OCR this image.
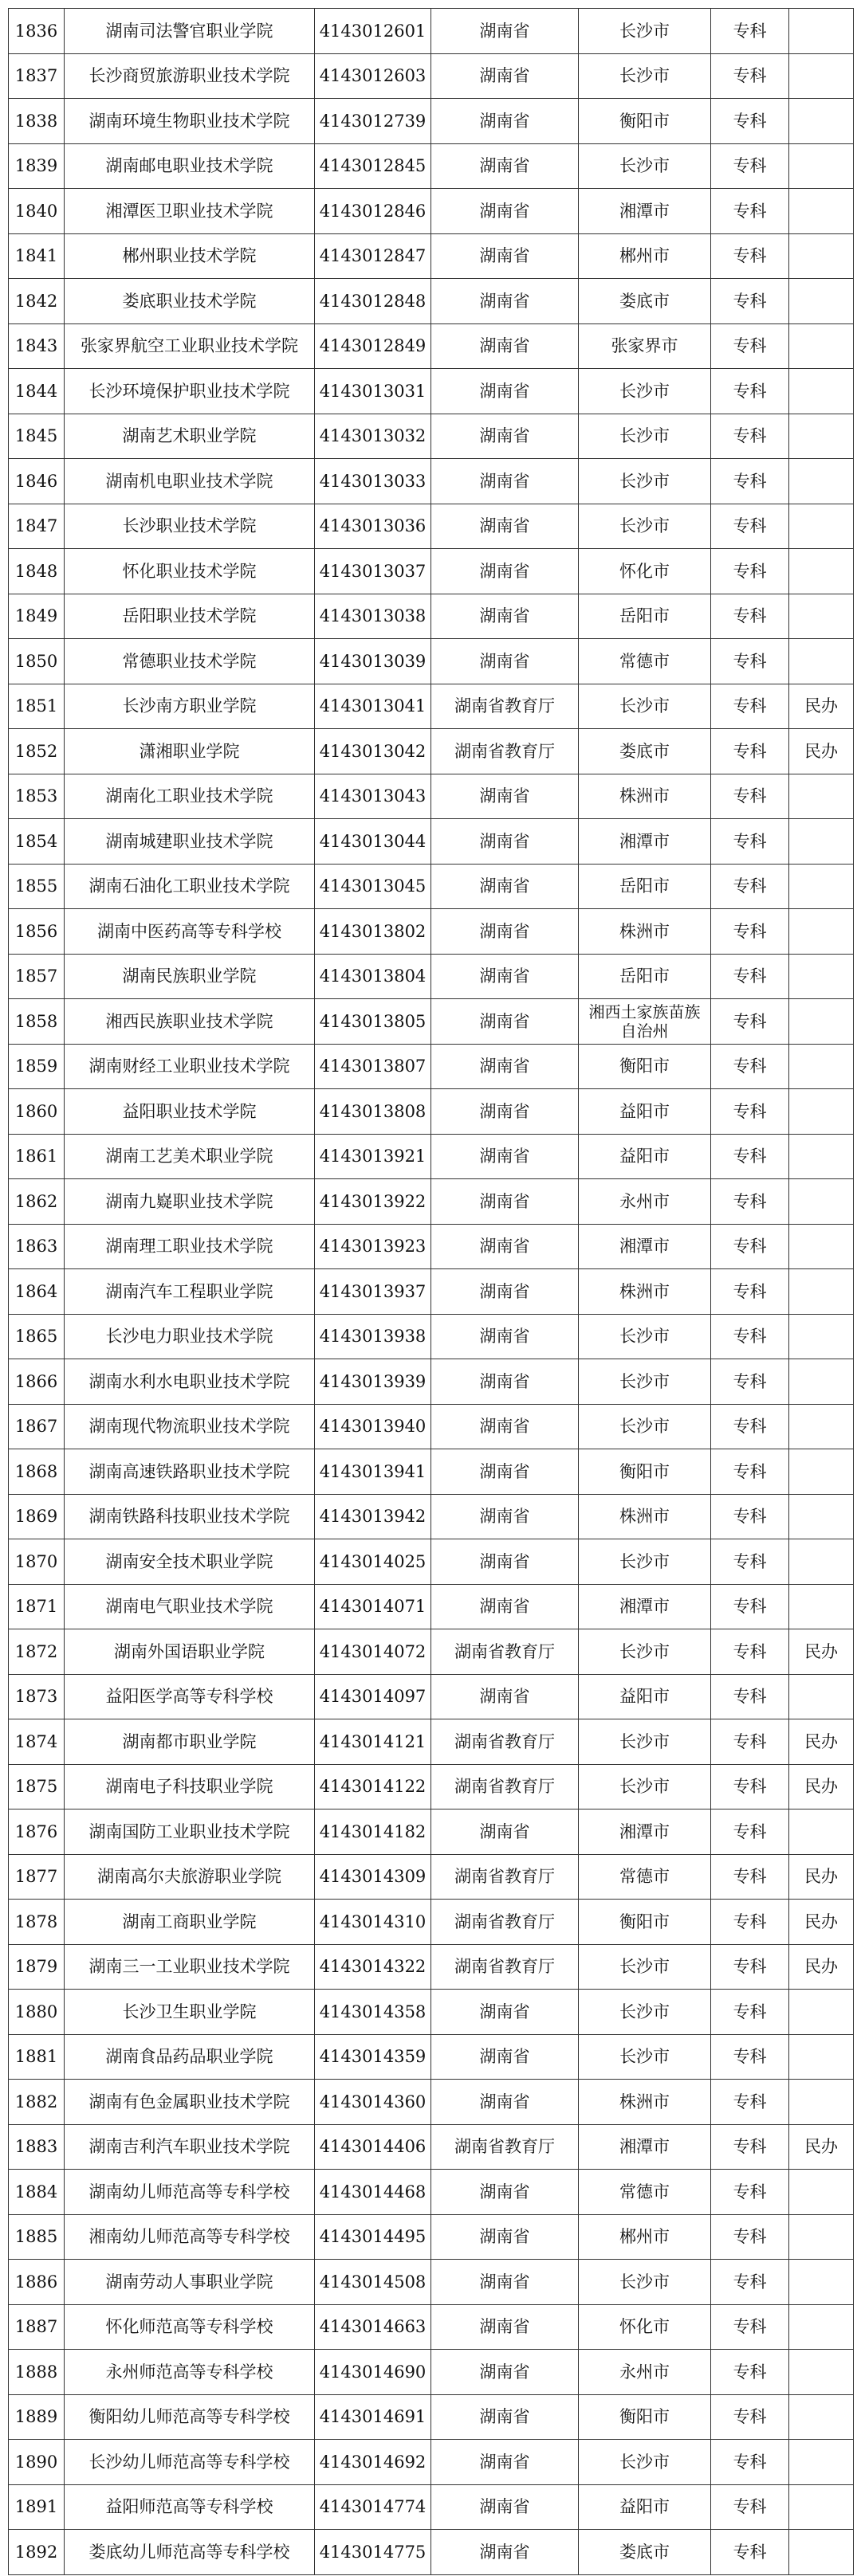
1836	湖南司法警官职业学院	4143012601	湖南省	长沙市	专科	
1837	长沙商贸旅游职业技术学院	4143012603	湖南省	长沙市	专科	
1838	湖南环境生物职业技术学院	4143012739	湖南省	衡阳市	专科	
1839	湖南邮电职业技术学院	4143012845	湖南省	长沙市	专科	
1840	湘潭医卫职业技术学院	4143012846	湖南省	湘潭市	专科	
1841	郴州职业技术学院	4143012847	湖南省	郴州市	专科	
1842	娄底职业技术学院	4143012848	湖南省	娄底市	专科	
1843	张家界航空工业职业技术学院	4143012849	湖南省	张家界市	专科	
1844	长沙环境保护职业技术学院	4143013031	湖南省	长沙市	专科	
1845	湖南艺术职业学院	4143013032	湖南省	长沙市	专科	
1846	湖南机电职业技术学院	4143013033	湖南省	长沙市	专科	
1847	长沙职业技术学院	4143013036	湖南省	长沙市	专科	
1848	怀化职业技术学院	4143013037	湖南省	怀化市	专科	
1849	岳阳职业技术学院	4143013038	湖南省	岳阳市	专科	
1850	常德职业技术学院	4143013039	湖南省	常德市	专科	
1851	长沙南方职业学院	4143013041	湖南省教育厅	长沙市	专科	民办
1852	潇湘职业学院	4143013042	湖南省教育厅	娄底市	专科	民办
1853	湖南化工职业技术学院	4143013043	湖南省	株洲市	专科	
1854	湖南城建职业技术学院	4143013044	湖南省	湘潭市	专科	
1855	湖南石油化工职业技术学院	4143013045	湖南省	岳阳市	专科	
1856	湖南中医药高等专科学校	4143013802	湖南省	株洲市	专科	
1857	湖南民族职业学院	4143013804	湖南省	岳阳市	专科	
1858	湘西民族职业技术学院	4143013805	湖南省	湘西土家族苗族自治州	专科	
1859	湖南财经工业职业技术学院	4143013807	湖南省	衡阳市	专科	
1860	益阳职业技术学院	4143013808	湖南省	益阳市	专科	
1861	湖南工艺美术职业学院	4143013921	湖南省	益阳市	专科	
1862	湖南九嶷职业技术学院	4143013922	湖南省	永州市	专科	
1863	湖南理工职业技术学院	4143013923	湖南省	湘潭市	专科	
1864	湖南汽车工程职业学院	4143013937	湖南省	株洲市	专科	
1865	长沙电力职业技术学院	4143013938	湖南省	长沙市	专科	
1866	湖南水利水电职业技术学院	4143013939	湖南省	长沙市	专科	
1867	湖南现代物流职业技术学院	4143013940	湖南省	长沙市	专科	
1868	湖南高速铁路职业技术学院	4143013941	湖南省	衡阳市	专科	
1869	湖南铁路科技职业技术学院	4143013942	湖南省	株洲市	专科	
1870	湖南安全技术职业学院	4143014025	湖南省	长沙市	专科	
1871	湖南电气职业技术学院	4143014071	湖南省	湘潭市	专科	
1872	湖南外国语职业学院	4143014072	湖南省教育厅	长沙市	专科	民办
1873	益阳医学高等专科学校	4143014097	湖南省	益阳市	专科	
1874	湖南都市职业学院	4143014121	湖南省教育厅	长沙市	专科	民办
1875	湖南电子科技职业学院	4143014122	湖南省教育厅	长沙市	专科	民办
1876	湖南国防工业职业技术学院	4143014182	湖南省	湘潭市	专科	
1877	湖南高尔夫旅游职业学院	4143014309	湖南省教育厅	常德市	专科	民办
1878	湖南工商职业学院	4143014310	湖南省教育厅	衡阳市	专科	民办
1879	湖南三一工业职业技术学院	4143014322	湖南省教育厅	长沙市	专科	民办
1880	长沙卫生职业学院	4143014358	湖南省	长沙市	专科	
1881	湖南食品药品职业学院	4143014359	湖南省	长沙市	专科	
1882	湖南有色金属职业技术学院	4143014360	湖南省	株洲市	专科	
1883	湖南吉利汽车职业技术学院	4143014406	湖南省教育厅	湘潭市	专科	民办
1884	湖南幼儿师范高等专科学校	4143014468	湖南省	常德市	专科	
1885	湘南幼儿师范高等专科学校	4143014495	湖南省	郴州市	专科	
1886	湖南劳动人事职业学院	4143014508	湖南省	长沙市	专科	
1887	怀化师范高等专科学校	4143014663	湖南省	怀化市	专科	
1888	永州师范高等专科学校	4143014690	湖南省	永州市	专科	
1889	衡阳幼儿师范高等专科学校	4143014691	湖南省	衡阳市	专科	
1890	长沙幼儿师范高等专科学校	4143014692	湖南省	长沙市	专科	
1891	益阳师范高等专科学校	4143014774	湖南省	益阳市	专科	
1892	娄底幼儿师范高等专科学校	4143014775	湖南省	娄底市	专科	
